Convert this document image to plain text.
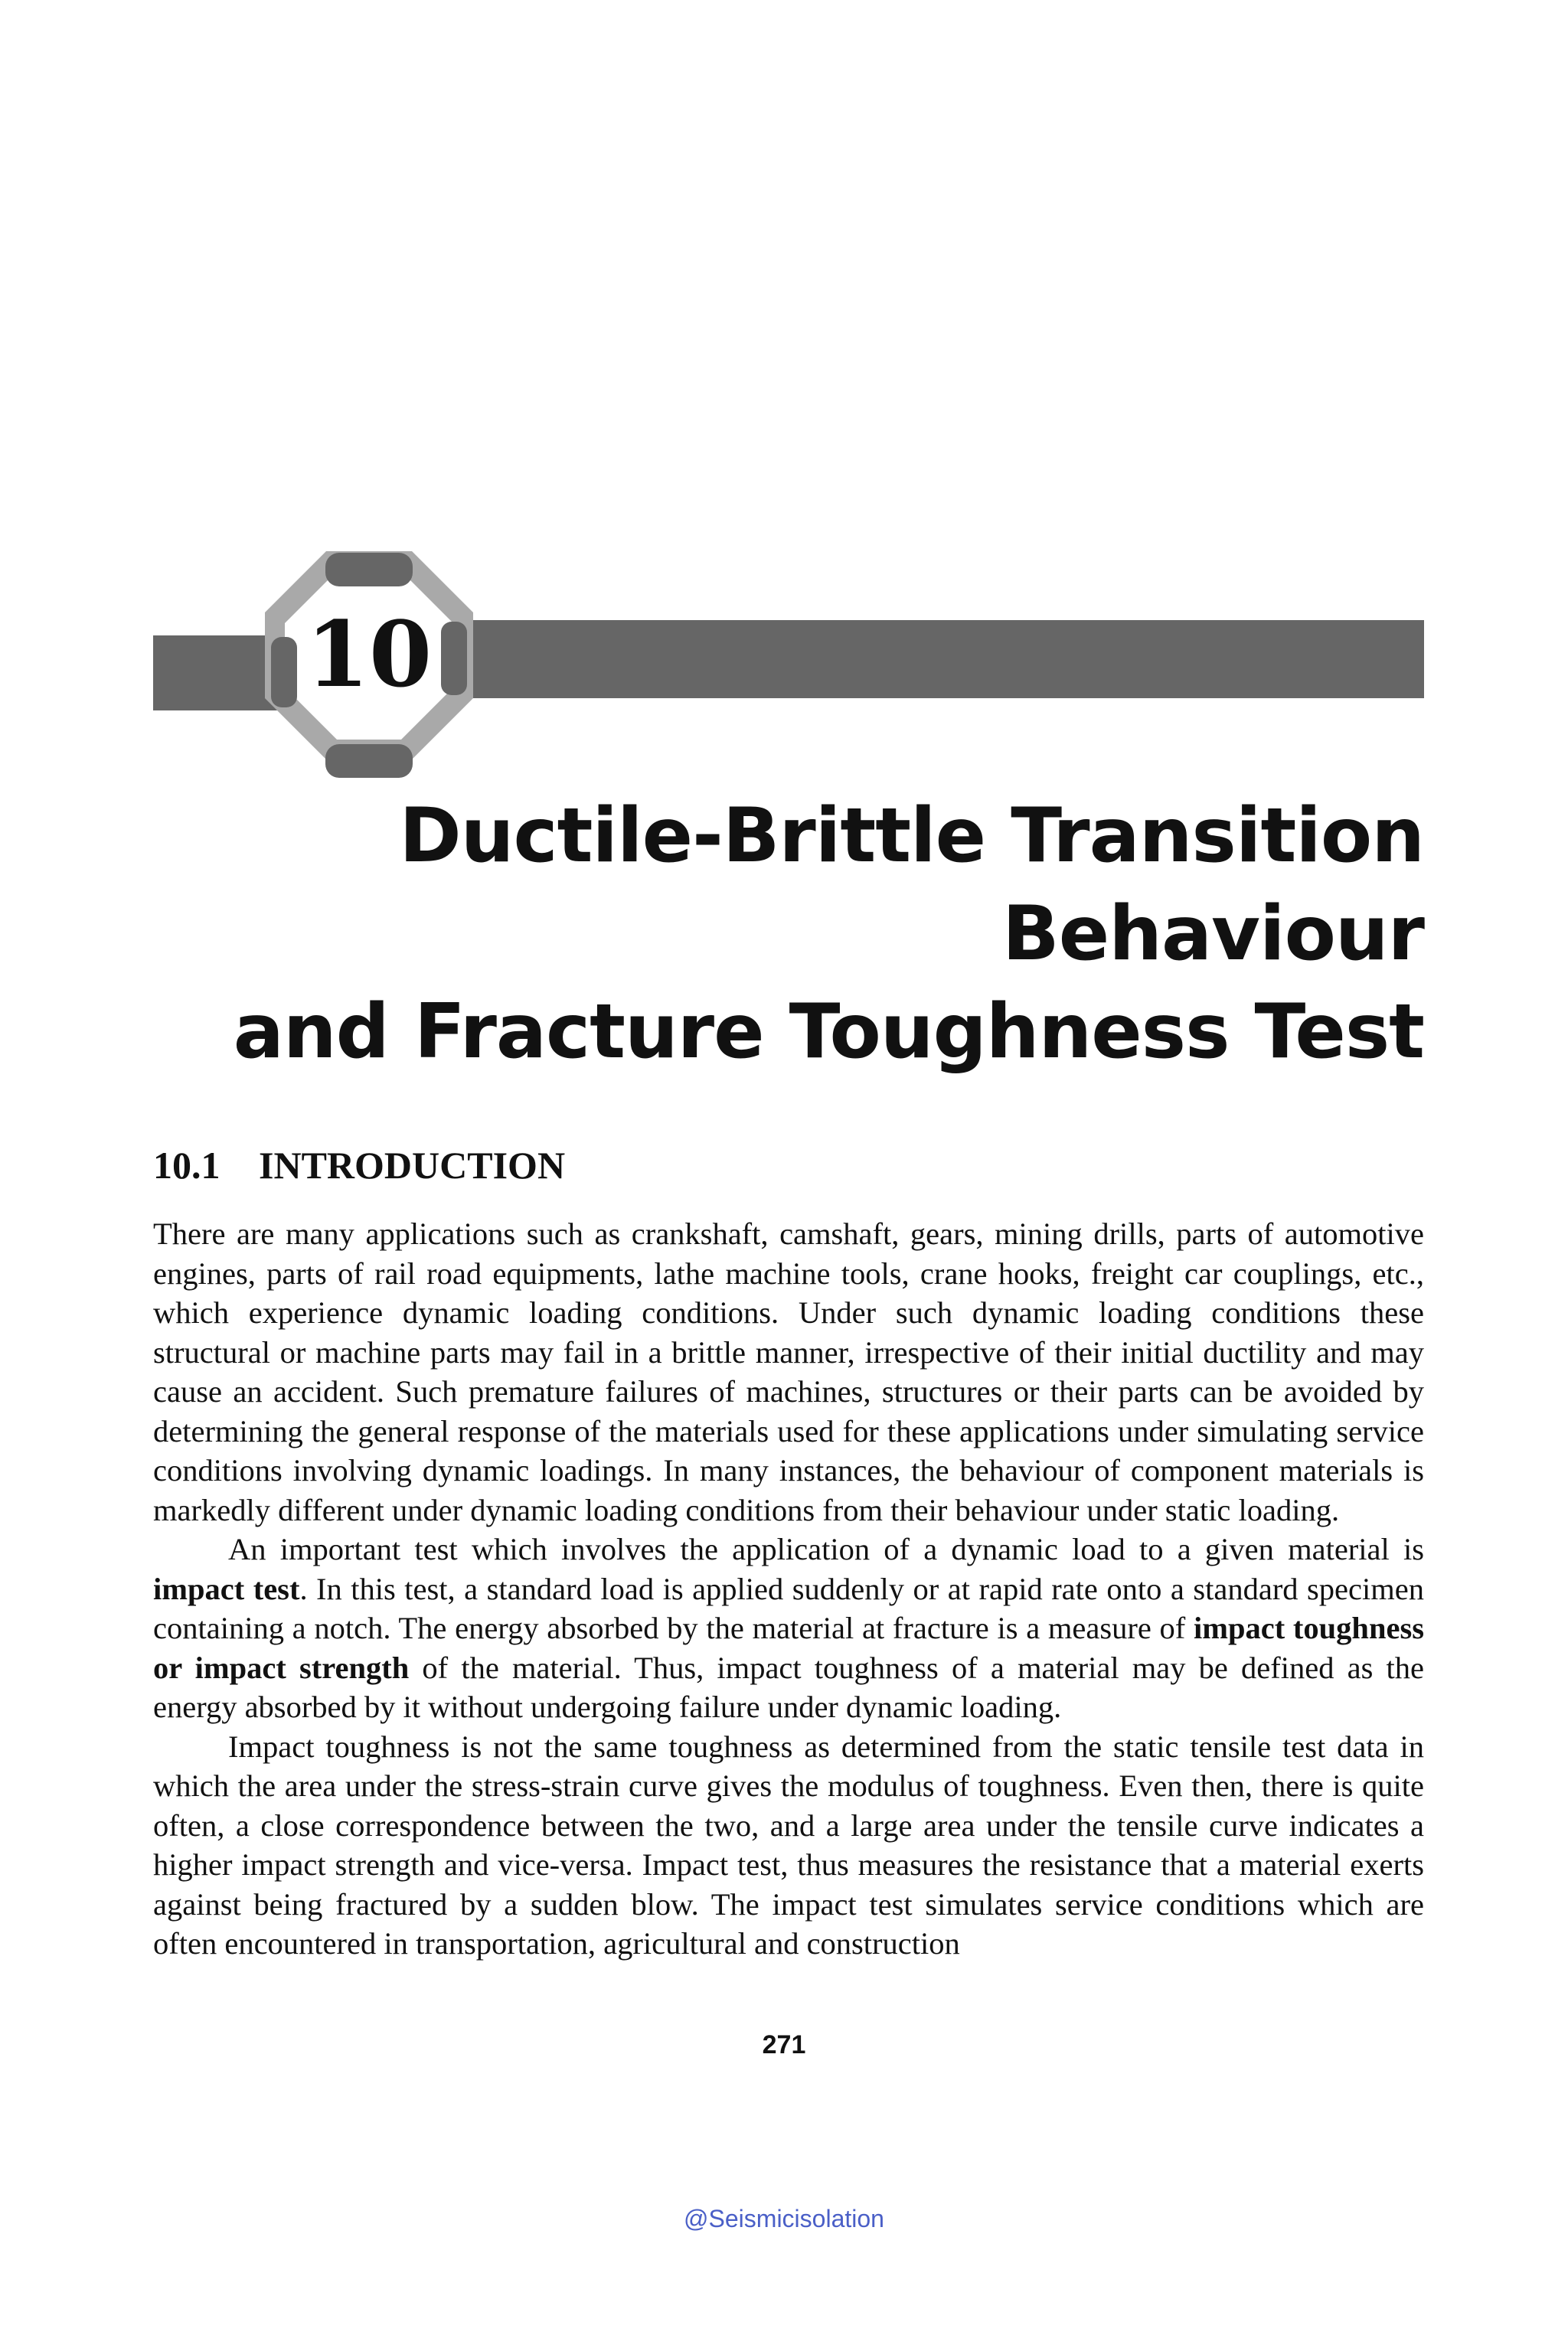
10
Ductile-Brittle Transition Behaviour
and Fracture Toughness Test
10.1 INTRODUCTION

There are many applications such as crankshaft, camshaft, gears, mining drills, parts of automotive engines, parts of rail road equipments, lathe machine tools, crane hooks, freight car couplings, etc., which experience dynamic loading conditions. Under such dynamic loading conditions these structural or machine parts may fail in a brittle manner, irrespective of their initial ductility and may cause an accident. Such premature failures of machines, structures or their parts can be avoided by determining the general response of the materials used for these applications under simulating service conditions involving dynamic loadings. In many instances, the behaviour of component materials is markedly different under dynamic loading conditions from their behaviour under static loading.

An important test which involves the application of a dynamic load to a given material is impact test. In this test, a standard load is applied suddenly or at rapid rate onto a standard specimen containing a notch. The energy absorbed by the material at fracture is a measure of impact toughness or impact strength of the material. Thus, impact toughness of a material may be defined as the energy absorbed by it without undergoing failure under dynamic loading.

Impact toughness is not the same toughness as determined from the static tensile test data in which the area under the stress-strain curve gives the modulus of toughness. Even then, there is quite often, a close correspondence between the two, and a large area under the tensile curve indicates a higher impact strength and vice-versa. Impact test, thus measures the resistance that a material exerts against being fractured by a sudden blow. The impact test simulates service conditions which are often encountered in transportation, agricultural and construction

271
@Seismicisolation
